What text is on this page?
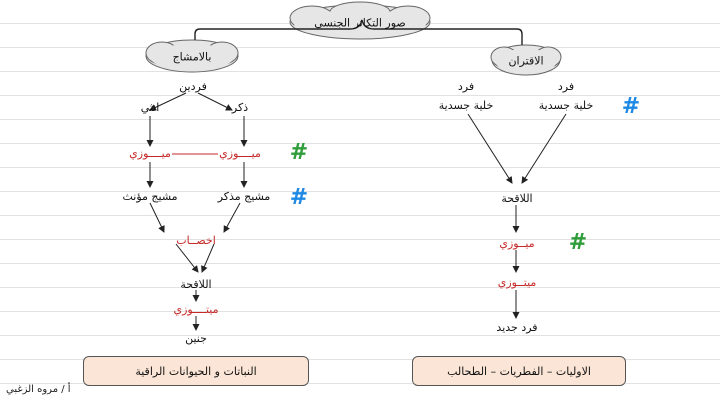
صور التكاثر الجنسي
بالامشاج	الاقتران
فردين
انثي	ذكر
ميــــوزي	ميــــوزي
مشيج مؤنث	مشيج مذكر
اخصــاب
اللاقحة
ميتــــوزي
جنين
#
#
النباتات و الحيوانات الراقية
فرد	فرد
خلية جسدية	خلية جسدية #
اللاقحة
ميــوزي #
ميتــوزي
فرد جديد
الاوليات – الفطريات – الطحالب
أ / مروه الزغبي
